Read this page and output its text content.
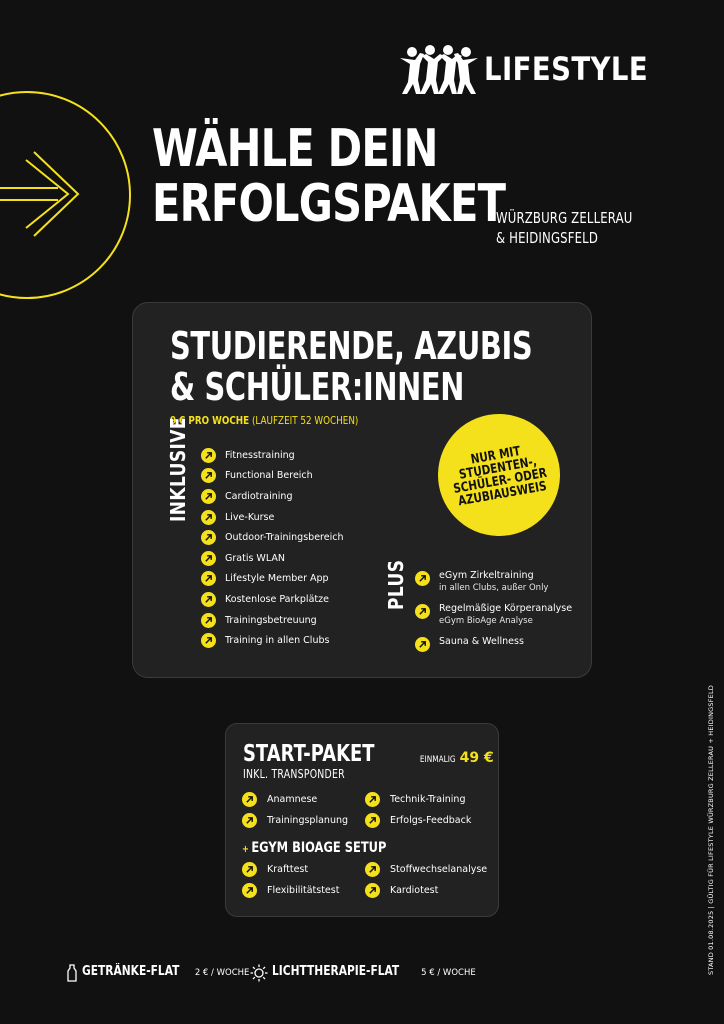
LIFESTYLE
WÄHLE DEIN
ERFOLGSPAKET
WÜRZBURG ZELLERAU
& HEIDINGSFELD
STUDIERENDE, AZUBIS
& SCHÜLER:INNEN
9 € PRO WOCHE (LAUFZEIT 52 WOCHEN)
INKLUSIVE	Fitnesstraining
Functional Bereich
Cardiotraining
Live-Kurse
Outdoor-Trainingsbereich
Gratis WLAN
Lifestyle Member App
Kostenlose Parkplätze
Trainingsbetreuung
Training in allen Clubs
PLUS	eGym Zirkeltraining
in allen Clubs, außer Only
Regelmäßige Körperanalyse
eGym BioAge Analyse
Sauna & Wellness
NUR MIT
STUDENTEN-,
SCHÜLER- ODER
AZUBIAUSWEIS
START-PAKET
INKL. TRANSPONDER
EINMALIG 49 €
Anamnese	Technik-Training
Trainingsplanung	Erfolgs-Feedback
+ EGYM BIOAGE SETUP
Krafttest	Stoffwechselanalyse
Flexibilitätstest	Kardiotest
GETRÄNKE-FLAT 2 € / WOCHE LICHTTHERAPIE-FLAT	5 € / WOCHE	STAND 01.08.2025 | GÜLTIG FÜR LIFESTYLE WÜRZBURG ZELLERAU + HEIDINGSFELD
